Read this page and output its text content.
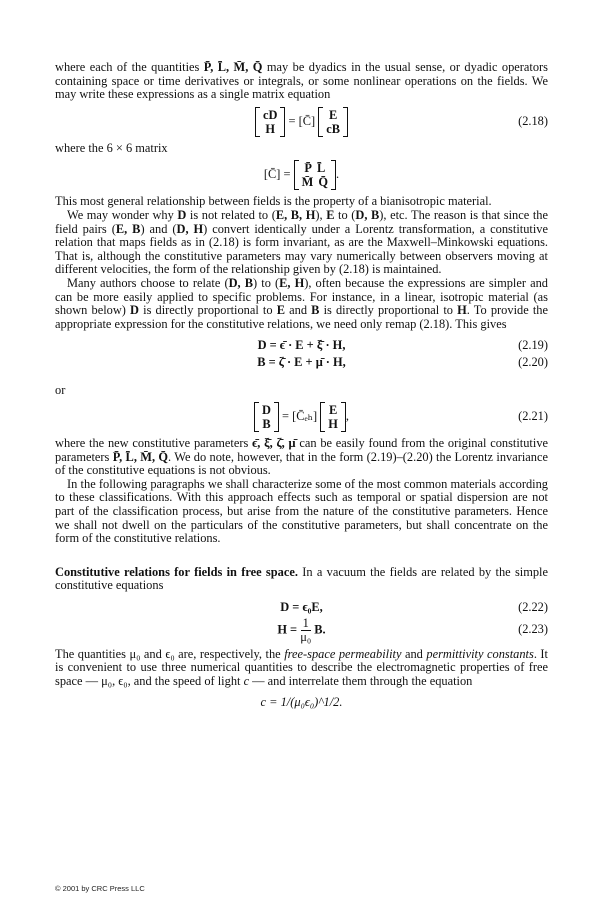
where each of the quantities P̄, L̄, M̄, Q̄ may be dyadics in the usual sense, or dyadic operators containing space or time derivatives or integrals, or some nonlinear operations on the fields. We may write these expressions as a single matrix equation

cD
H
= [C̄] E
cB
(2.18)

where the 6 × 6 matrix

[C̄] = P̄ L̄
M̄ Q̄
.

This most general relationship between fields is the property of a bianisotropic material.

We may wonder why D is not related to (E, B, H), E to (D, B), etc. The reason is that since the field pairs (E, B) and (D, H) convert identically under a Lorentz transformation, a constitutive relation that maps fields as in (2.18) is form invariant, as are the Maxwell–Minkowski equations. That is, although the constitutive parameters may vary numerically between observers moving at different velocities, the form of the relationship given by (2.18) is maintained.

Many authors choose to relate (D, B) to (E, H), often because the expressions are simpler and can be more easily applied to specific problems. For instance, in a linear, isotropic material (as shown below) D is directly proportional to E and B is directly proportional to H. To provide the appropriate expression for the constitutive relations, we need only remap (2.18). This gives

D = ϵ̄ · E + ξ̄ · H,	(2.19)
B = ζ̄ · E + μ̄ · H,	(2.20)

or

D
B
= [C̄ₑₕ] E
H
,	(2.21)

where the new constitutive parameters ϵ̄, ξ̄, ζ̄, μ̄ can be easily found from the original constitutive parameters P̄, L̄, M̄, Q̄. We do note, however, that in the form (2.19)–(2.20) the Lorentz invariance of the constitutive equations is not obvious.

In the following paragraphs we shall characterize some of the most common materials according to these classifications. With this approach effects such as temporal or spatial dispersion are not part of the classification process, but arise from the nature of the constitutive parameters. Hence we shall not dwell on the particulars of the constitutive parameters, but shall concentrate on the form of the constitutive relations.

Constitutive relations for fields in free space. In a vacuum the fields are related by the simple constitutive equations

D = ϵ₀E,	(2.22)
$H = \frac{1}{\text{μ₀}} B$.	(2.23)

The quantities μ₀ and ϵ₀ are, respectively, the free-space permeability and permittivity constants. It is convenient to use three numerical quantities to describe the electromagnetic properties of free space — μ₀, ϵ₀, and the speed of light c — and interrelate them through the equation

c = 1/(μ₀ϵ₀)^1/2.
© 2001 by CRC Press LLC
